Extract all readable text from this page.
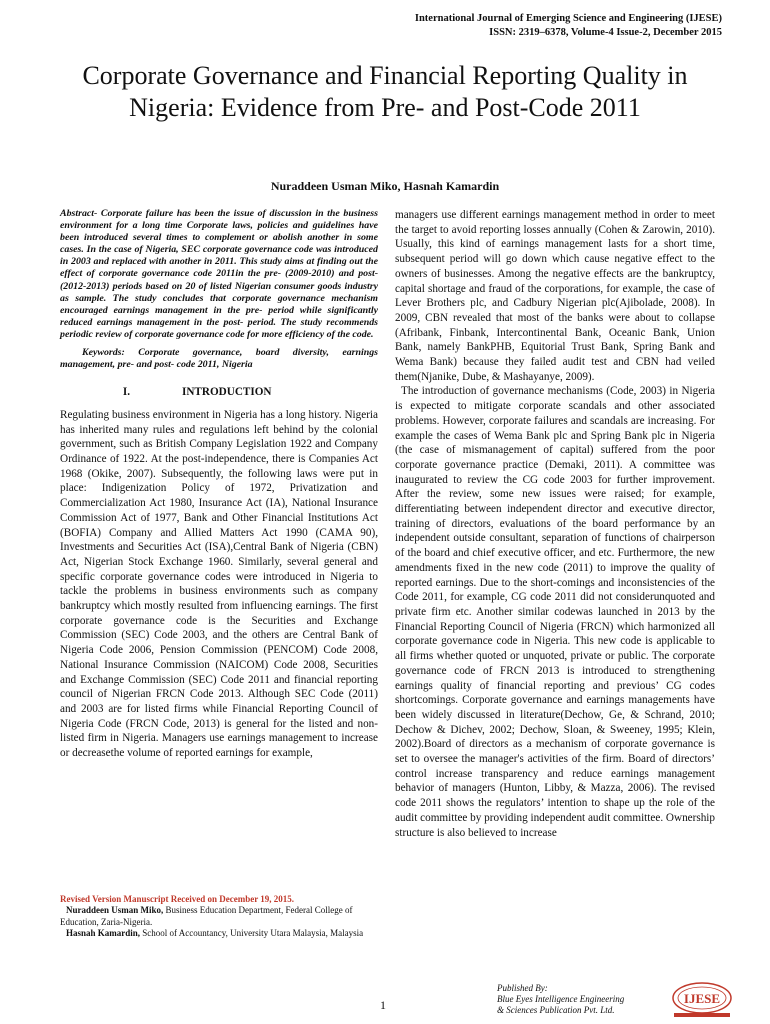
International Journal of Emerging Science and Engineering (IJESE)
ISSN: 2319–6378, Volume-4 Issue-2, December 2015
Corporate Governance and Financial Reporting Quality in Nigeria: Evidence from Pre- and Post-Code 2011
Nuraddeen Usman Miko, Hasnah Kamardin

Abstract- Corporate failure has been the issue of discussion in the business environment for a long time Corporate laws, policies and guidelines have been introduced several times to complement or abolish another in some cases. In the case of Nigeria, SEC corporate governance code was introduced in 2003 and replaced with another in 2011. This study aims at finding out the effect of corporate governance code 2011in the pre- (2009-2010) and post- (2012-2013) periods based on 20 of listed Nigerian consumer goods industry as sample. The study concludes that corporate governance mechanism encouraged earnings management in the pre- period while significantly reduced earnings management in the post- period. The study recommends periodic review of corporate governance code for more efficiency of the code.

Keywords: Corporate governance, board diversity, earnings management, pre- and post- code 2011, Nigeria

I.	INTRODUCTION

Regulating business environment in Nigeria has a long history. Nigeria has inherited many rules and regulations left behind by the colonial government, such as British Company Legislation 1922 and Company Ordinance of 1922. At the post-independence, there is Companies Act 1968 (Okike, 2007). Subsequently, the following laws were put in place: Indigenization Policy of 1972, Privatization and Commercialization Act 1980, Insurance Act (IA), National Insurance Commission Act of 1977, Bank and Other Financial Institutions Act (BOFIA) Company and Allied Matters Act 1990 (CAMA 90), Investments and Securities Act (ISA),Central Bank of Nigeria (CBN) Act, Nigerian Stock Exchange 1960. Similarly, several general and specific corporate governance codes were introduced in Nigeria to tackle the problems in business environments such as company bankruptcy which mostly resulted from influencing earnings. The first corporate governance code is the Securities and Exchange Commission (SEC) Code 2003, and the others are Central Bank of Nigeria Code 2006, Pension Commission (PENCOM) Code 2008, National Insurance Commission (NAICOM) Code 2008, Securities and Exchange Commission (SEC) Code 2011 and financial reporting council of Nigerian FRCN Code 2013. Although SEC Code (2011) and 2003 are for listed firms while Financial Reporting Council of Nigeria Code (FRCN Code, 2013) is general for the listed and non-listed firm in Nigeria. Managers use earnings management to increase or decreasethe volume of reported earnings for example,

Revised Version Manuscript Received on December 19, 2015.
Nuraddeen Usman Miko, Business Education Department, Federal College of Education, Zaria-Nigeria.
Hasnah Kamardin, School of Accountancy, University Utara Malaysia, Malaysia

managers use different earnings management method in order to meet the target to avoid reporting losses annually (Cohen & Zarowin, 2010). Usually, this kind of earnings management lasts for a short time, subsequent period will go down which cause negative effect to the owners of businesses. Among the negative effects are the bankruptcy, capital shortage and fraud of the corporations, for example, the case of Lever Brothers plc, and Cadbury Nigerian plc(Ajibolade, 2008). In 2009, CBN revealed that most of the banks were about to collapse (Afribank, Finbank, Intercontinental Bank, Oceanic Bank, Union Bank, namely BankPHB, Equitorial Trust Bank, Spring Bank and Wema Bank) because they failed audit test and CBN had veiled them(Njanike, Dube, & Mashayanye, 2009).

The introduction of governance mechanisms (Code, 2003) in Nigeria is expected to mitigate corporate scandals and other associated problems. However, corporate failures and scandals are increasing. For example the cases of Wema Bank plc and Spring Bank plc in Nigeria (the case of mismanagement of capital) suffered from the poor corporate governance practice (Demaki, 2011). A committee was inaugurated to review the CG code 2003 for further improvement. After the review, some new issues were raised; for example, differentiating between independent director and executive director, training of directors, evaluations of the board performance by an independent outside consultant, separation of functions of chairperson of the board and chief executive officer, and etc. Furthermore, the new amendments fixed in the new code (2011) to improve the quality of reported earnings. Due to the short-comings and inconsistencies of the Code 2011, for example, CG code 2011 did not considerunquoted and private firm etc. Another similar codewas launched in 2013 by the Financial Reporting Council of Nigeria (FRCN) which harmonized all corporate governance code in Nigeria. This new code is applicable to all firms whether quoted or unquoted, private or public. The corporate governance code of FRCN 2013 is introduced to strengthening earnings quality of financial reporting and previous’ CG codes shortcomings. Corporate governance and earnings managements have been widely discussed in literature(Dechow, Ge, & Schrand, 2010; Dechow & Dichev, 2002; Dechow, Sloan, & Sweeney, 1995; Klein, 2002).Board of directors as a mechanism of corporate governance is set to oversee the manager's activities of the firm. Board of directors’ control increase transparency and reduce earnings management behavior of managers (Hunton, Libby, & Mazza, 2006). The revised code 2011 shows the regulators’ intention to shape up the role of the audit committee by providing independent audit committee. Ownership structure is also believed to increase

1
Published By:
Blue Eyes Intelligence Engineering
& Sciences Publication Pvt. Ltd.
IJESE
